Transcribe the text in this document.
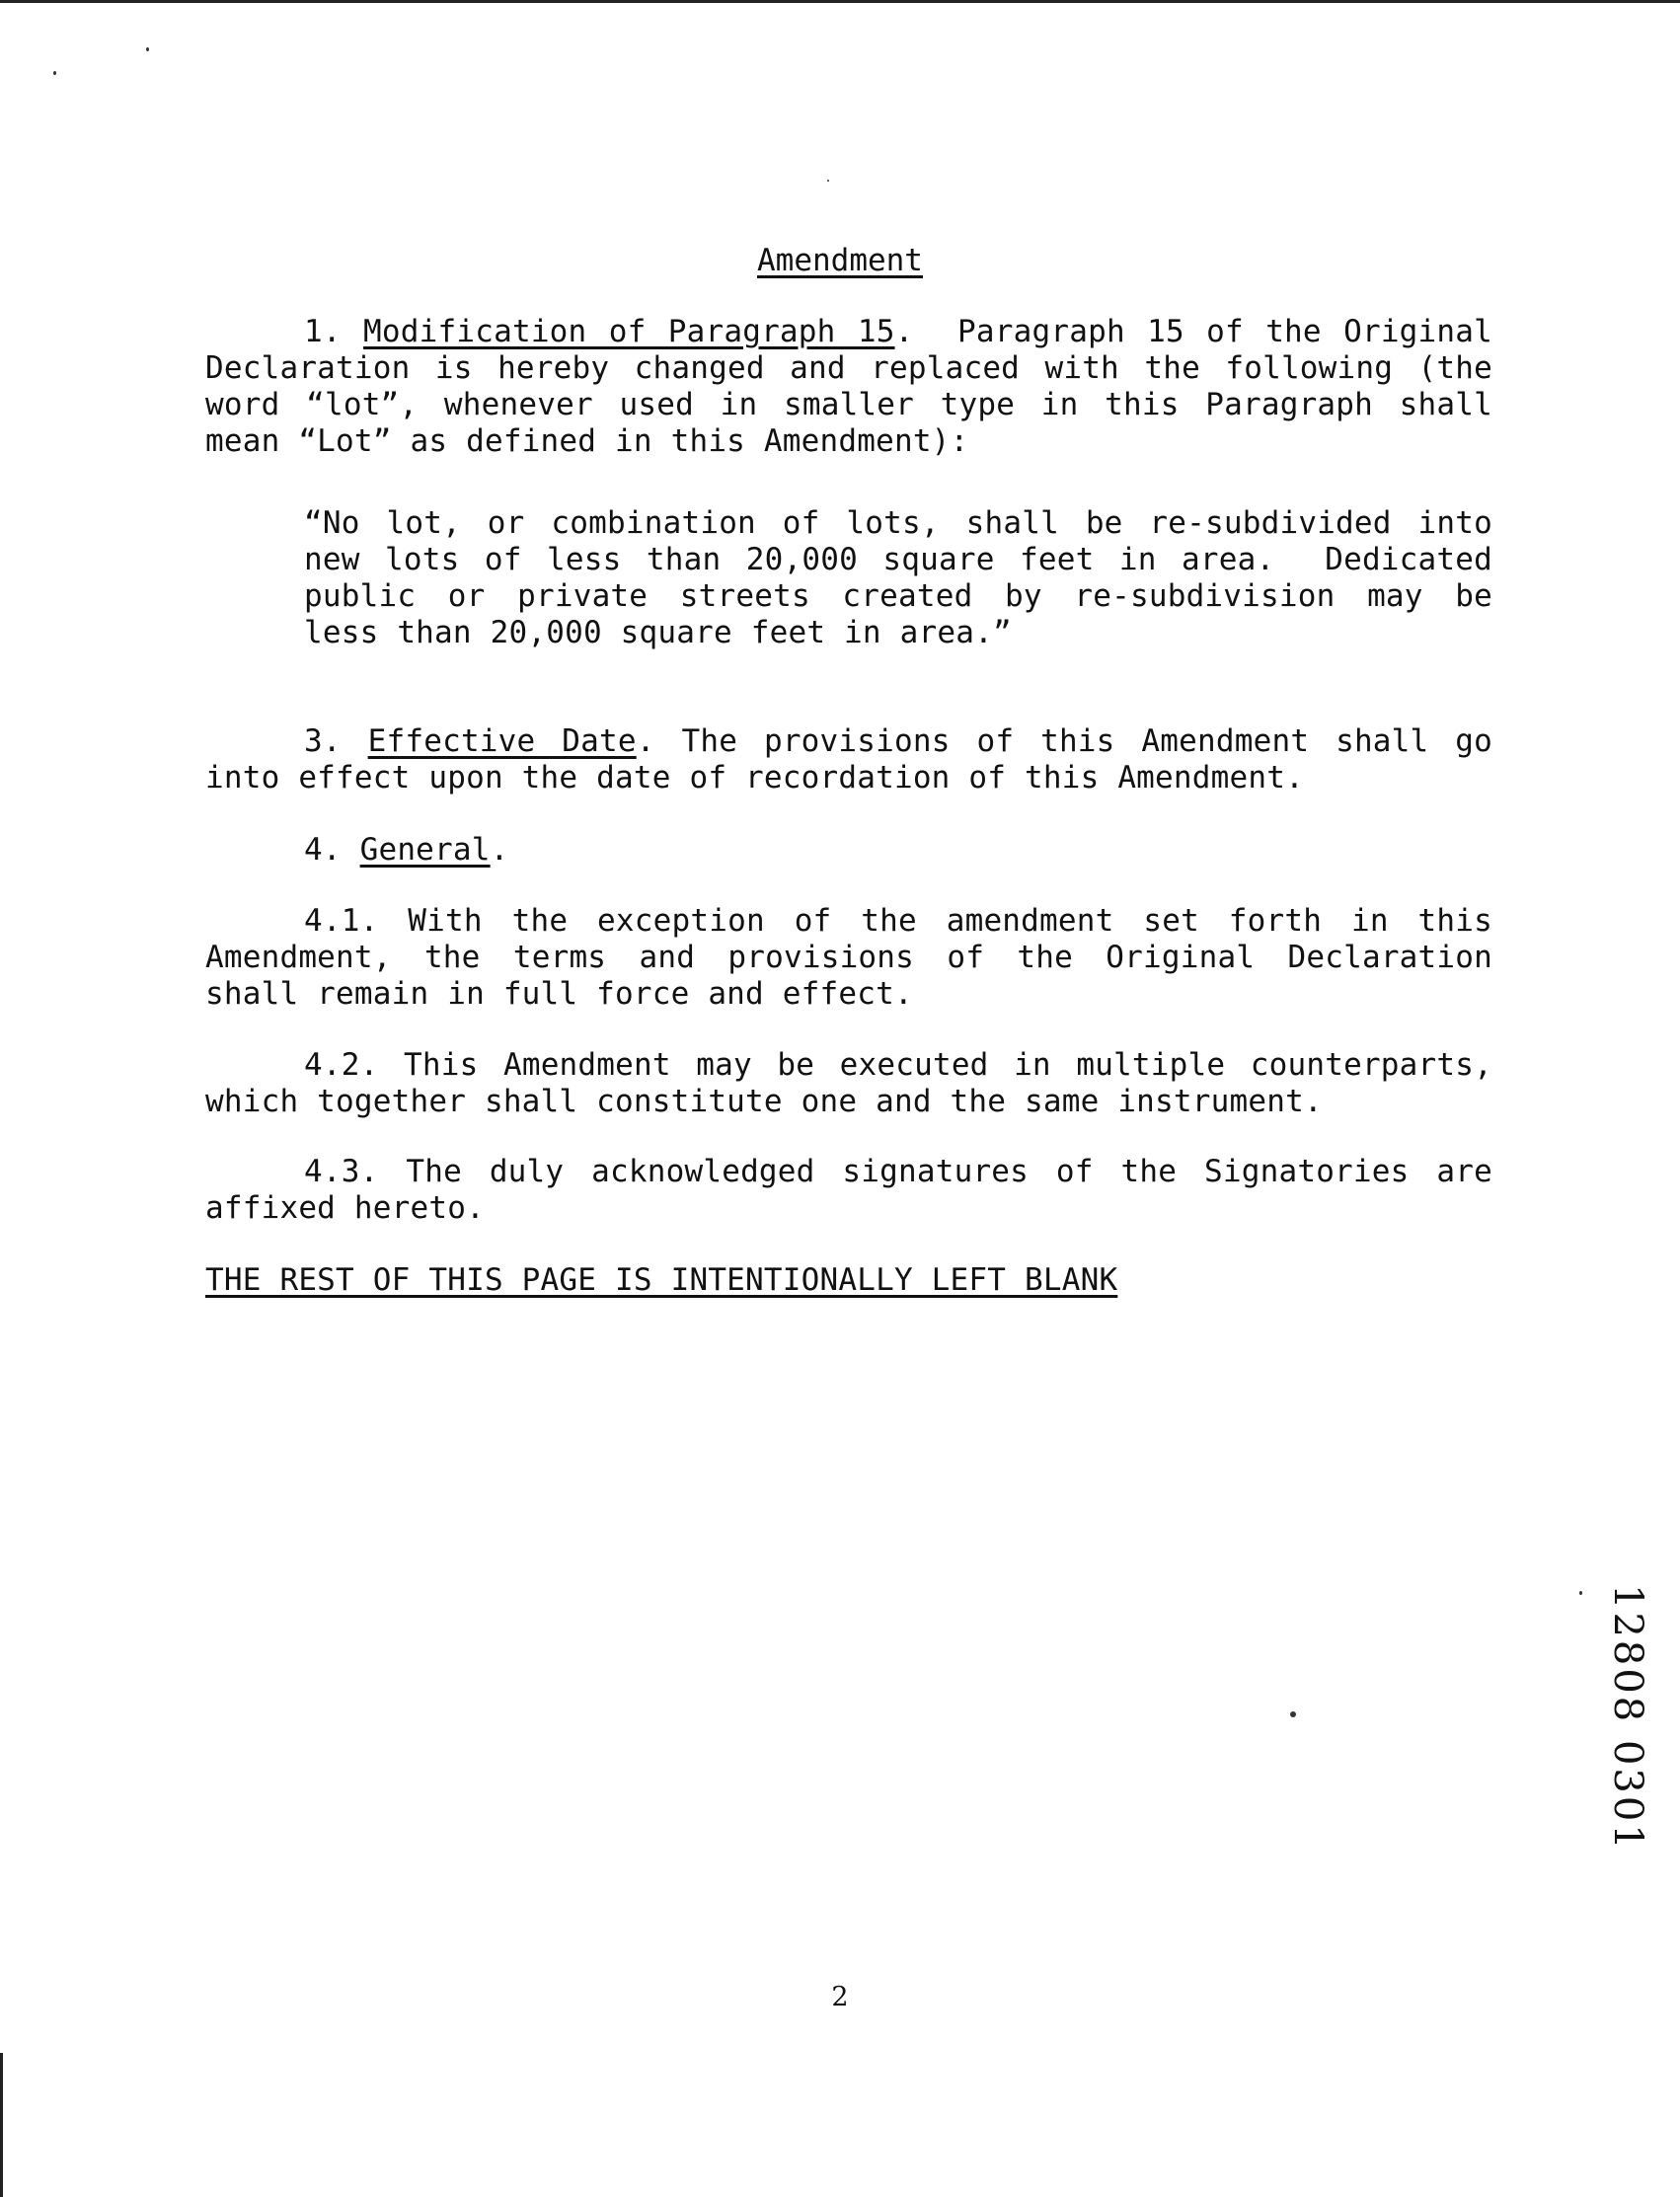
Amendment
1. Modification of Paragraph 15.  Paragraph 15 of the Original
Declaration is hereby changed and replaced with the following (the
word “lot”, whenever used in smaller type in this Paragraph shall
mean “Lot” as defined in this Amendment):
“No lot, or combination of lots, shall be re-subdivided into
new lots of less than 20,000 square feet in area.  Dedicated
public or private streets created by re-subdivision may be
less than 20,000 square feet in area.”
3. Effective Date. The provisions of this Amendment shall go
into effect upon the date of recordation of this Amendment.
4. General.
4.1. With the exception of the amendment set forth in this
Amendment, the terms and provisions of the Original Declaration
shall remain in full force and effect.
4.2. This Amendment may be executed in multiple counterparts,
which together shall constitute one and the same instrument.
4.3. The duly acknowledged signatures of the Signatories are
affixed hereto.
THE REST OF THIS PAGE IS INTENTIONALLY LEFT BLANK
12808 0301
2
